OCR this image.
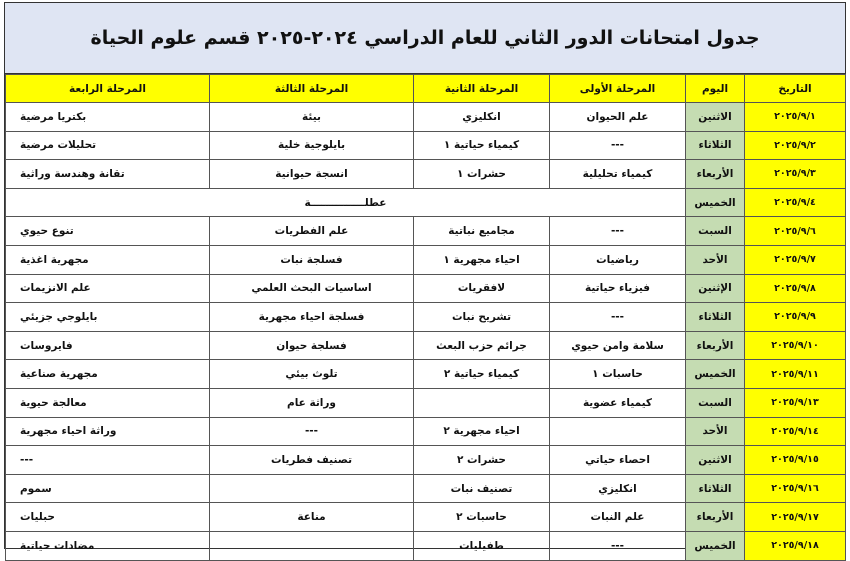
جدول امتحانات الدور الثاني للعام الدراسي ٢٠٢٤-٢٠٢٥ قسم علوم الحياة
التاريخ	اليوم	المرحلة الأولى	المرحلة الثانية	المرحلة الثالثة	المرحلة الرابعة
٢٠٢٥/٩/١	الاثنين	علم الحيوان	انكليزي	بيئة	بكتريا مرضية
٢٠٢٥/٩/٢	الثلاثاء	---	كيمياء حياتية ١	بايلوجية خلية	تحليلات مرضية
٢٠٢٥/٩/٣	الأربعاء	كيمياء تحليلية	حشرات ١	انسجة حيوانية	تقانة وهندسة وراثية
٢٠٢٥/٩/٤	الخميس	عطلـــــــــــــــة			
٢٠٢٥/٩/٦	السبت	---	مجاميع نباتية	علم الفطريات	تنوع حيوي
٢٠٢٥/٩/٧	الأحد	رياضيات	احياء مجهرية ١	فسلجة نبات	مجهرية اغذية
٢٠٢٥/٩/٨	الإثنين	فيزياء حياتية	لافقريات	اساسيات البحث العلمي	علم الانزيمات
٢٠٢٥/٩/٩	الثلاثاء	---	تشريح نبات	فسلجة احياء مجهرية	بايلوجي جزيئي
٢٠٢٥/٩/١٠	الأربعاء	سلامة وامن حيوي	جرائم حزب البعث	فسلجة حيوان	فايروسات
٢٠٢٥/٩/١١	الخميس	حاسبات ١	كيمياء حياتية ٢	تلوث بيئي	مجهرية صناعية
٢٠٢٥/٩/١٣	السبت	كيمياء عضوية		وراثة عام	معالجة حيوية
٢٠٢٥/٩/١٤	الأحد		احياء مجهرية ٢	---	وراثة احياء مجهرية
٢٠٢٥/٩/١٥	الاثنين	احصاء حياتي	حشرات ٢	تصنيف فطريات	---
٢٠٢٥/٩/١٦	الثلاثاء	انكليزي	تصنيف نبات		سموم
٢٠٢٥/٩/١٧	الأربعاء	علم النبات	حاسبات ٢	مناعة	حبليات
٢٠٢٥/٩/١٨	الخميس	---	طفيليات		مضادات حياتية
